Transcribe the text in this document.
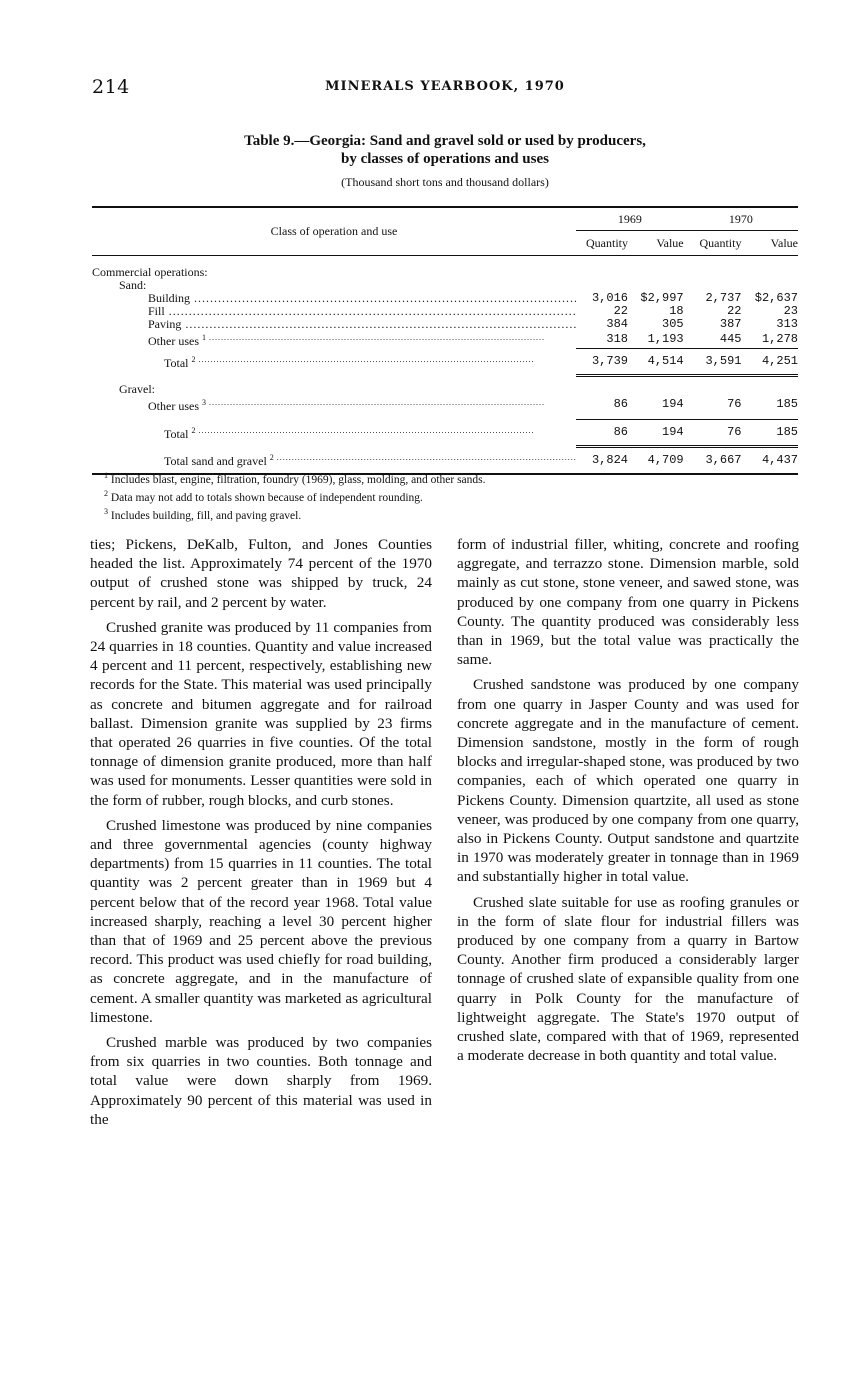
214	MINERALS YEARBOOK, 1970
Table 9.—Georgia: Sand and gravel sold or used by producers,
by classes of operations and uses
(Thousand short tons and thousand dollars)
Class of operation and use	1969		1970	
	Quantity	Value	Quantity	Value

Commercial operations:				
Sand:				
Building .....	3,016	$2,997	2,737	$2,637
Fill .....	22	18	22	23
Paving .....	384	305	387	313
Other uses $^1$ .....	318	1,193	445	1,278
Total $^2$ .....	3,739	4,514	3,591	4,251

Gravel:				
Other uses $^3$ .....	86	194	76	185

Total $^2$ .....	86	194	76	185
Total sand and gravel $^2$ .....	3,824	4,709	3,667	4,437
$^1$ Includes blast, engine, filtration, foundry (1969), glass, molding, and other sands.
$^2$ Data may not add to totals shown because of independent rounding.
$^3$ Includes building, fill, and paving gravel.

ties; Pickens, DeKalb, Fulton, and Jones Counties headed the list. Approximately 74 percent of the 1970 output of crushed stone was shipped by truck, 24 percent by rail, and 2 percent by water.

Crushed granite was produced by 11 companies from 24 quarries in 18 counties. Quantity and value increased 4 percent and 11 percent, respectively, establishing new records for the State. This material was used principally as concrete and bitumen aggregate and for railroad ballast. Dimension granite was supplied by 23 firms that operated 26 quarries in five counties. Of the total tonnage of dimension granite produced, more than half was used for monuments. Lesser quantities were sold in the form of rubber, rough blocks, and curb stones.

Crushed limestone was produced by nine companies and three governmental agencies (county highway departments) from 15 quarries in 11 counties. The total quantity was 2 percent greater than in 1969 but 4 percent below that of the record year 1968. Total value increased sharply, reaching a level 30 percent higher than that of 1969 and 25 percent above the previous record. This product was used chiefly for road building, as concrete aggregate, and in the manufacture of cement. A smaller quantity was marketed as agricultural limestone.

Crushed marble was produced by two companies from six quarries in two counties. Both tonnage and total value were down sharply from 1969. Approximately 90 percent of this material was used in the

form of industrial filler, whiting, concrete and roofing aggregate, and terrazzo stone. Dimension marble, sold mainly as cut stone, stone veneer, and sawed stone, was produced by one company from one quarry in Pickens County. The quantity produced was considerably less than in 1969, but the total value was practically the same.

Crushed sandstone was produced by one company from one quarry in Jasper County and was used for concrete aggregate and in the manufacture of cement. Dimension sandstone, mostly in the form of rough blocks and irregular-shaped stone, was produced by two companies, each of which operated one quarry in Pickens County. Dimension quartzite, all used as stone veneer, was produced by one company from one quarry, also in Pickens County. Output sandstone and quartzite in 1970 was moderately greater in tonnage than in 1969 and substantially higher in total value.

Crushed slate suitable for use as roofing granules or in the form of slate flour for industrial fillers was produced by one company from a quarry in Bartow County. Another firm produced a considerably larger tonnage of crushed slate of expansible quality from one quarry in Polk County for the manufacture of lightweight aggregate. The State's 1970 output of crushed slate, compared with that of 1969, represented a moderate decrease in both quantity and total value.
